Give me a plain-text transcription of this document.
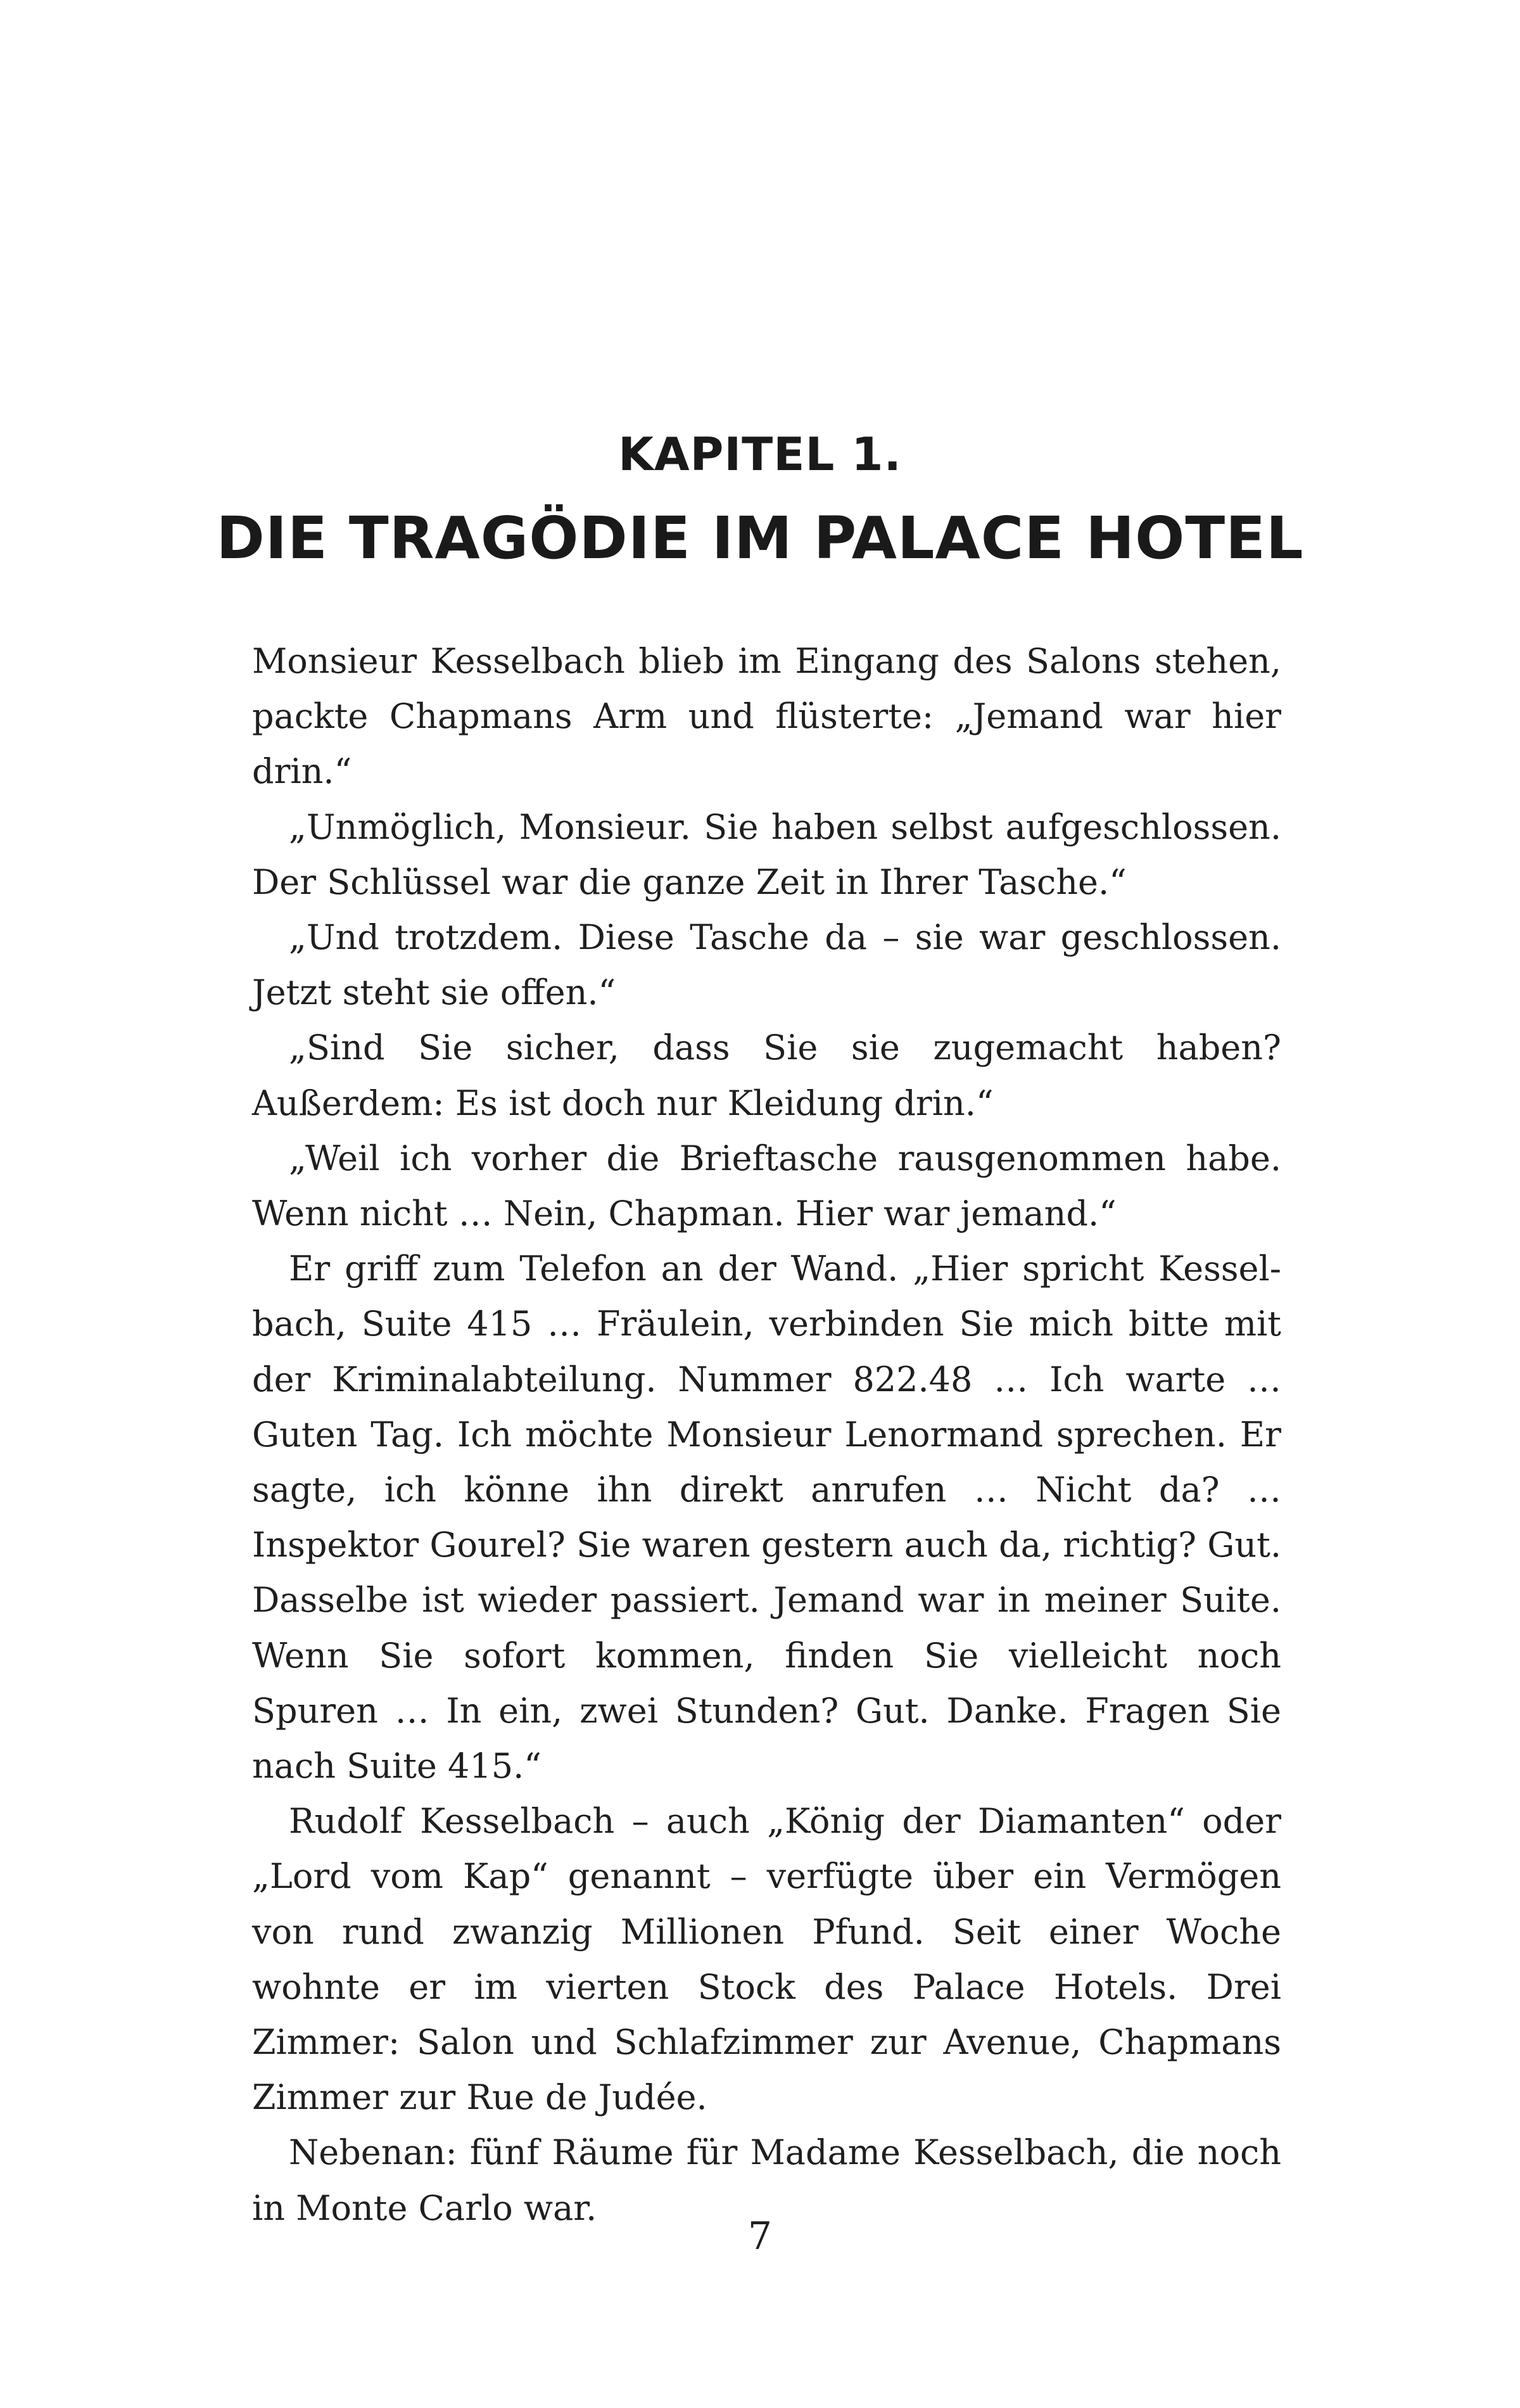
KAPITEL 1.
DIE TRAGÖDIE IM PALACE HOTEL

Monsieur Kesselbach blieb im Eingang des Salons stehen, packte Chapmans Arm und flüsterte: „Jemand war hier drin.“

„Unmöglich, Monsieur. Sie haben selbst aufgeschlossen. Der Schlüssel war die ganze Zeit in Ihrer Tasche.“

„Und trotzdem. Diese Tasche da – sie war geschlossen. Jetzt steht sie offen.“

„Sind Sie sicher, dass Sie sie zugemacht haben? Außerdem: Es ist doch nur Kleidung drin.“

„Weil ich vorher die Brieftasche rausgenommen habe. Wenn nicht … Nein, Chapman. Hier war jemand.“

Er griff zum Telefon an der Wand. „Hier spricht Kesselbach, Suite 415 … Fräulein, verbinden Sie mich bitte mit der Kriminalabteilung. Nummer 822.48 … Ich warte … Guten Tag. Ich möchte Monsieur Lenormand sprechen. Er sagte, ich könne ihn direkt anrufen … Nicht da? … Inspektor Gourel? Sie waren gestern auch da, richtig? Gut. Dasselbe ist wieder passiert. Jemand war in meiner Suite. Wenn Sie sofort kommen, finden Sie vielleicht noch Spuren … In ein, zwei Stunden? Gut. Danke. Fragen Sie nach Suite 415.“

Rudolf Kesselbach – auch „König der Diamanten“ oder „Lord vom Kap“ genannt – verfügte über ein Vermögen von rund zwanzig Millionen Pfund. Seit einer Woche wohnte er im vierten Stock des Palace Hotels. Drei Zimmer: Salon und Schlafzimmer zur Avenue, Chapmans Zimmer zur Rue de Judée.

Nebenan: fünf Räume für Madame Kesselbach, die noch in Monte Carlo war.

7
